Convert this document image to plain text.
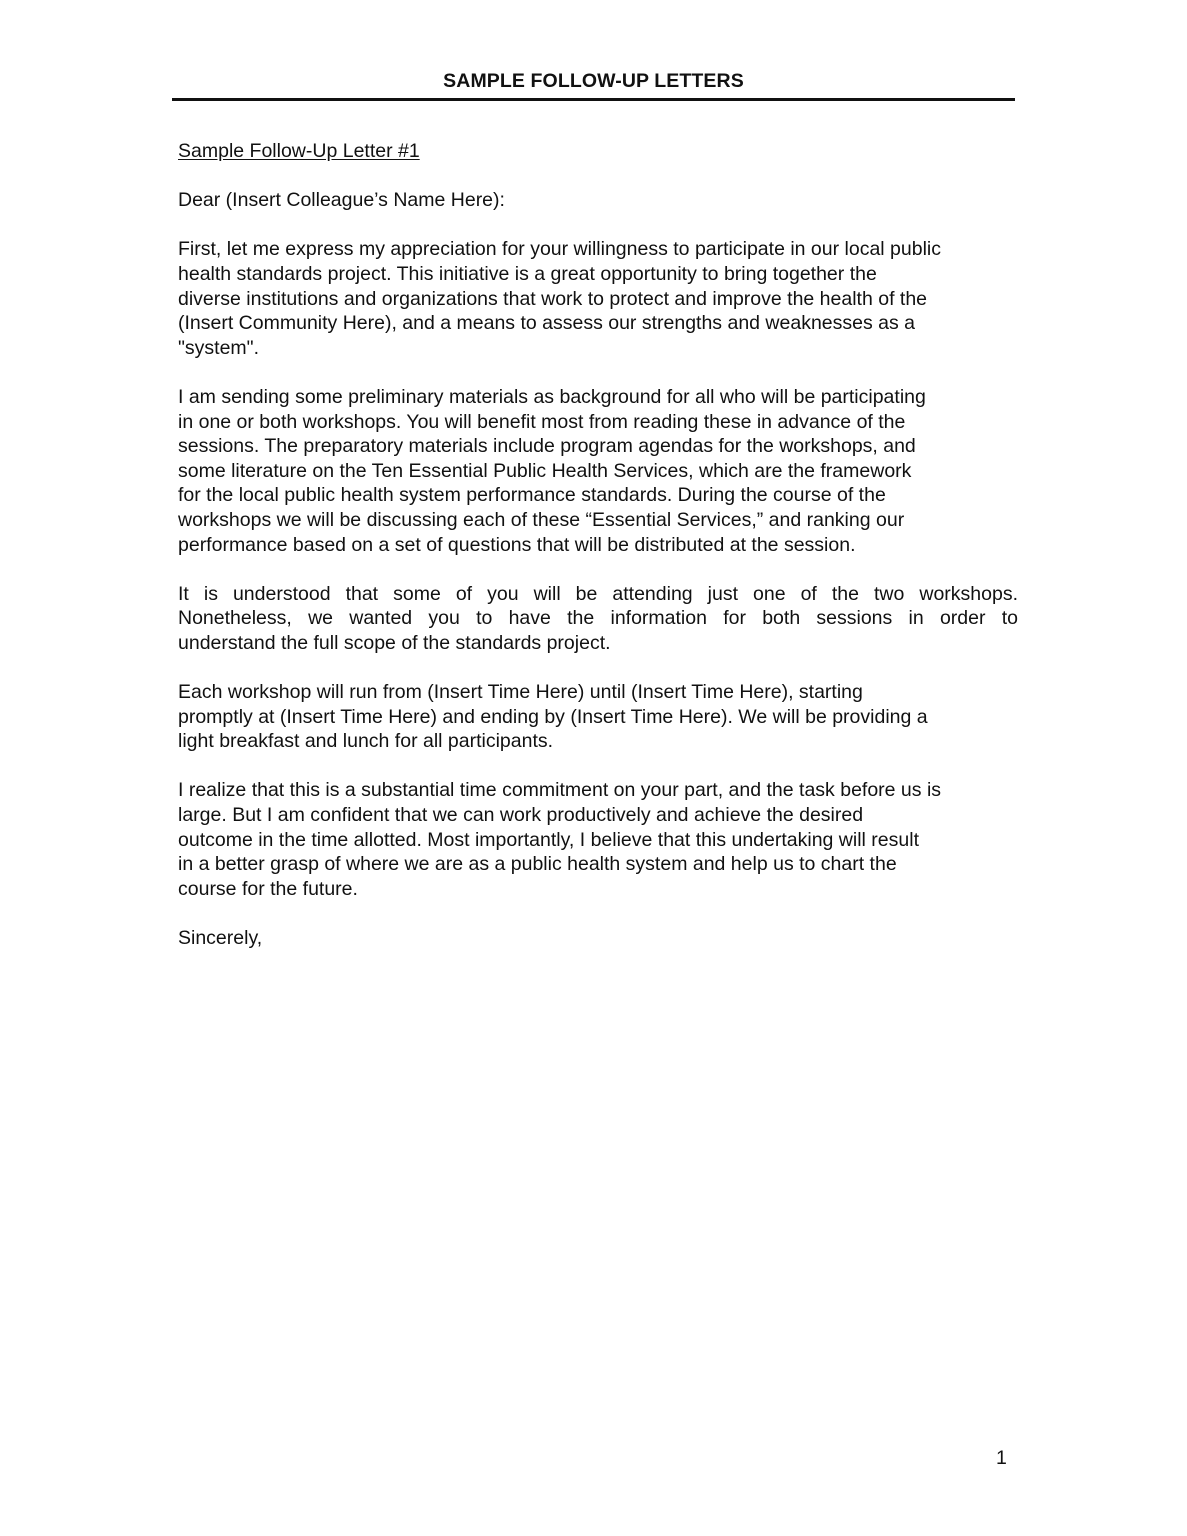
SAMPLE FOLLOW-UP LETTERS

Sample Follow-Up Letter #1

Dear (Insert Colleague’s Name Here):

First, let me express my appreciation for your willingness to participate in our local public
health standards project. This initiative is a great opportunity to bring together the
diverse institutions and organizations that work to protect and improve the health of the
(Insert Community Here), and a means to assess our strengths and weaknesses as a
"system".
I am sending some preliminary materials as background for all who will be participating
in one or both workshops. You will benefit most from reading these in advance of the
sessions. The preparatory materials include program agendas for the workshops, and
some literature on the Ten Essential Public Health Services, which are the framework
for the local public health system performance standards. During the course of the
workshops we will be discussing each of these “Essential Services,” and ranking our
performance based on a set of questions that will be distributed at the session.
It is understood that some of you will be attending just one of the two workshops.
Nonetheless, we wanted you to have the information for both sessions in order to
understand the full scope of the standards project.
Each workshop will run from (Insert Time Here) until (Insert Time Here), starting
promptly at (Insert Time Here) and ending by (Insert Time Here). We will be providing a
light breakfast and lunch for all participants.
I realize that this is a substantial time commitment on your part, and the task before us is
large. But I am confident that we can work productively and achieve the desired
outcome in the time allotted. Most importantly, I believe that this undertaking will result
in a better grasp of where we are as a public health system and help us to chart the
course for the future.

Sincerely,

1
